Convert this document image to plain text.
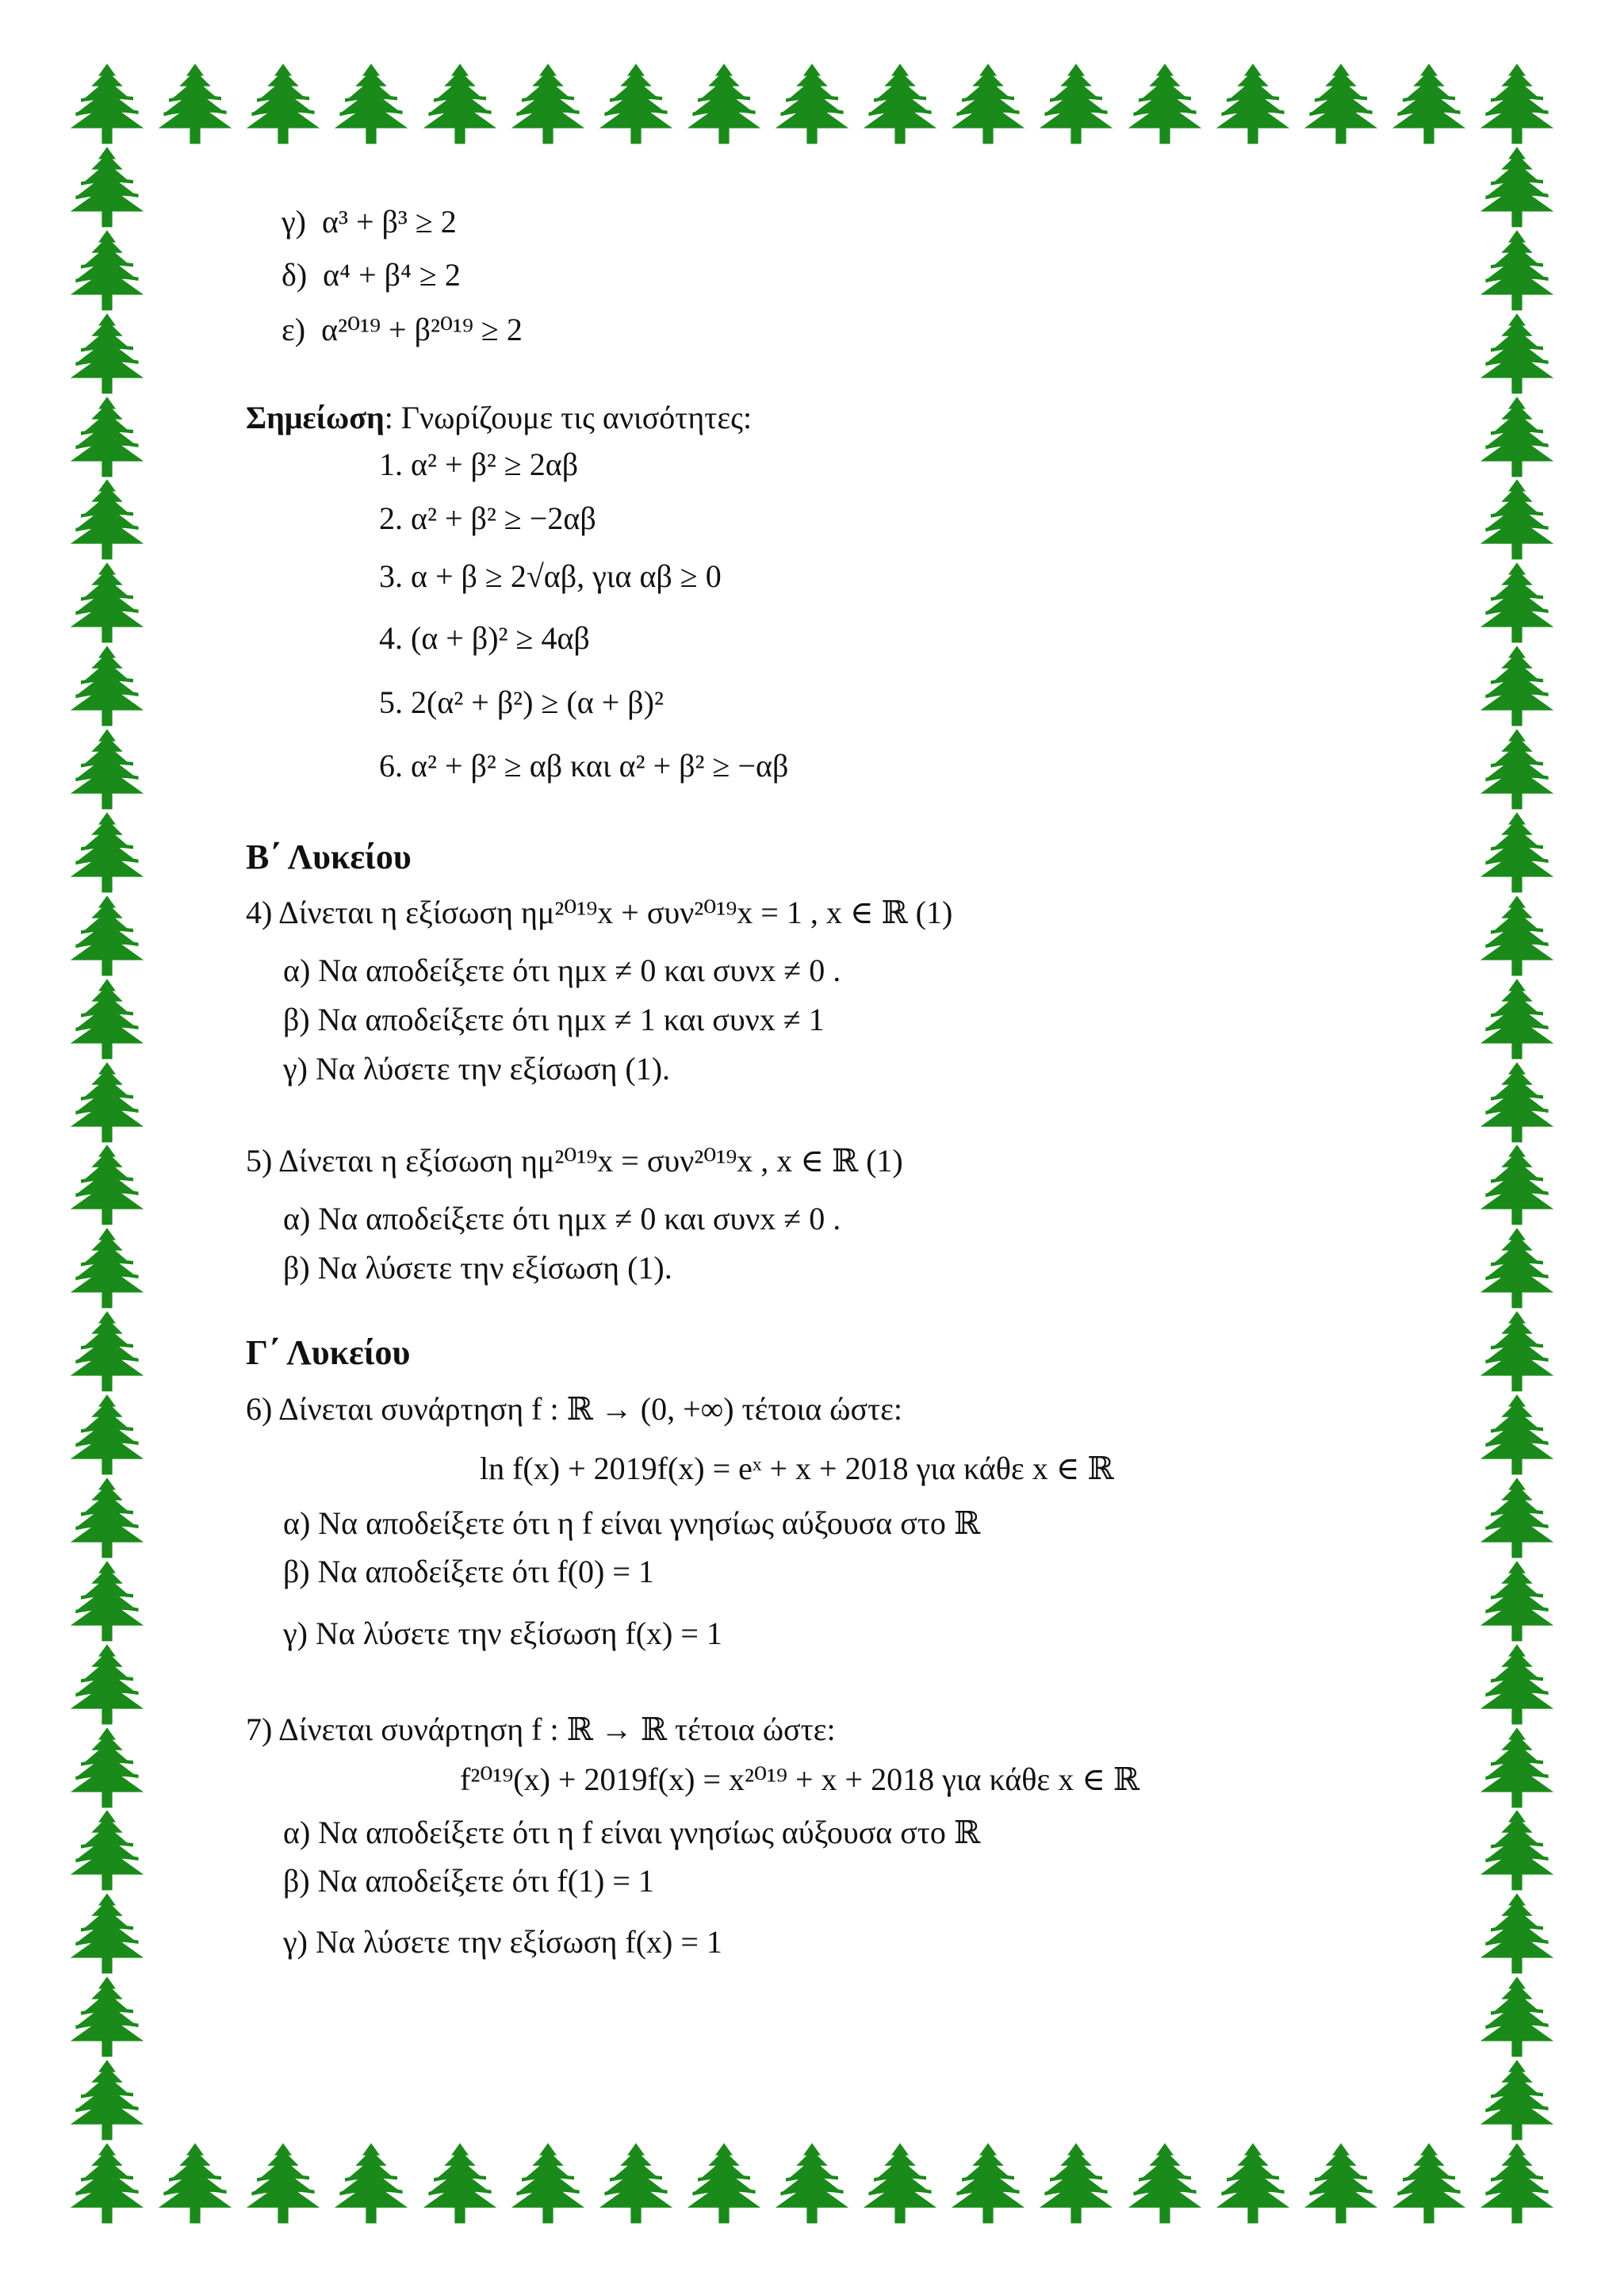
γ) α³ + β³ ≥ 2
δ) α⁴ + β⁴ ≥ 2
ε) α²⁰¹⁹ + β²⁰¹⁹ ≥ 2
Σημείωση: Γνωρίζουμε τις ανισότητες:
1. α² + β² ≥ 2αβ
2. α² + β² ≥ −2αβ
3. α + β ≥ 2√αβ, για αβ ≥ 0
4. (α + β)² ≥ 4αβ
5. 2(α² + β²) ≥ (α + β)²
6. α² + β² ≥ αβ και α² + β² ≥ −αβ
Β΄ Λυκείου
4) Δίνεται η εξίσωση ημ²⁰¹⁹x + συν²⁰¹⁹x = 1 , x ∈ ℝ (1)
α) Να αποδείξετε ότι ημx ≠ 0 και συνx ≠ 0 .
β) Να αποδείξετε ότι ημx ≠ 1 και συνx ≠ 1
γ) Να λύσετε την εξίσωση (1).
5) Δίνεται η εξίσωση ημ²⁰¹⁹x = συν²⁰¹⁹x , x ∈ ℝ (1)
α) Να αποδείξετε ότι ημx ≠ 0 και συνx ≠ 0 .
β) Να λύσετε την εξίσωση (1).
Γ΄ Λυκείου
6) Δίνεται συνάρτηση f : ℝ → (0, +∞) τέτοια ώστε:
ln f(x) + 2019f(x) = eˣ + x + 2018 για κάθε x ∈ ℝ
α) Να αποδείξετε ότι η f είναι γνησίως αύξουσα στο ℝ
β) Να αποδείξετε ότι f(0) = 1
γ) Να λύσετε την εξίσωση f(x) = 1
7) Δίνεται συνάρτηση f : ℝ → ℝ τέτοια ώστε:
f²⁰¹⁹(x) + 2019f(x) = x²⁰¹⁹ + x + 2018 για κάθε x ∈ ℝ
α) Να αποδείξετε ότι η f είναι γνησίως αύξουσα στο ℝ
β) Να αποδείξετε ότι f(1) = 1
γ) Να λύσετε την εξίσωση f(x) = 1
